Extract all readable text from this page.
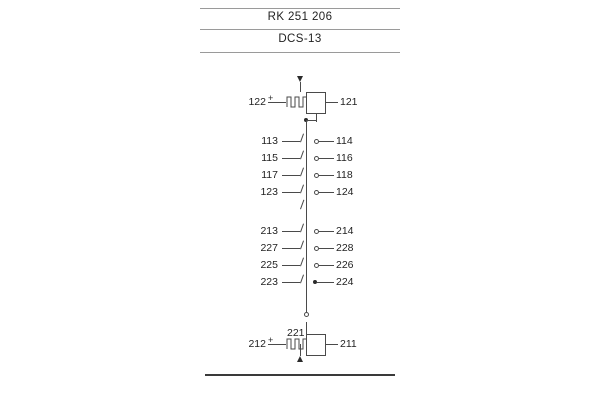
RK 251 206
DCS-13
+
122	121
113	114
115	116
117	118
123	124
213	214
227	228
225	226
223	224
221
+
212	211
